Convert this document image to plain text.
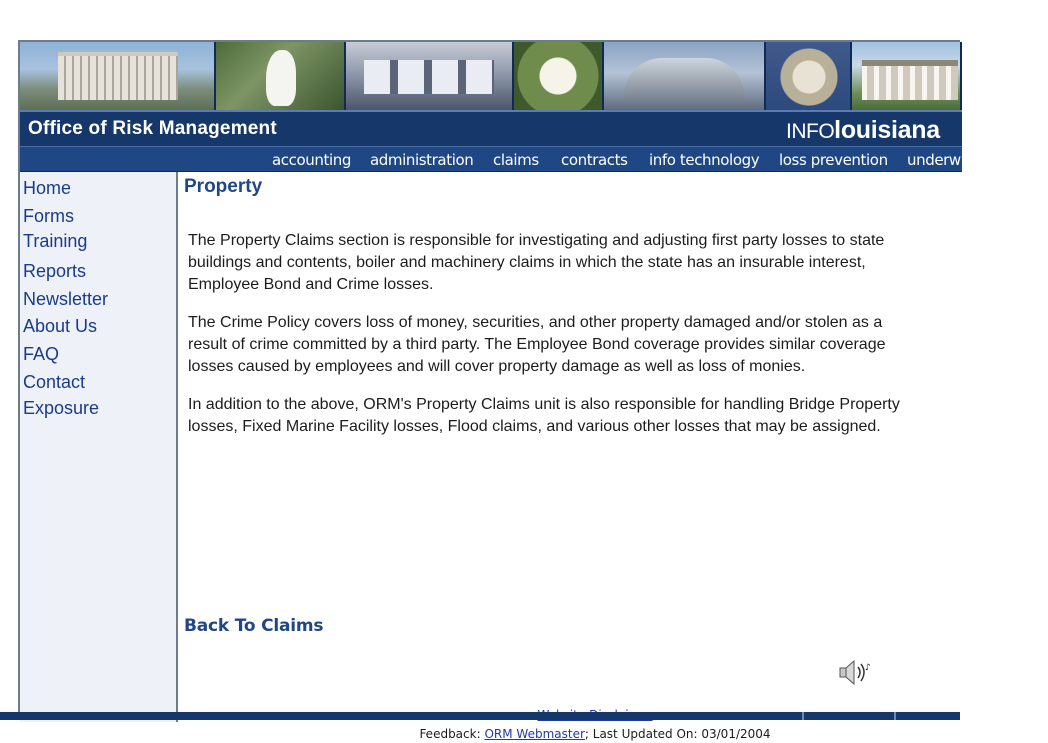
Office of Risk Management	INFOlouisiana
accounting administration claims contracts info technology loss prevention underwriting
Home
Forms
Training
Reports
Newsletter
About Us
FAQ
Contact
Exposure
Property
The Property Claims section is responsible for investigating and adjusting first party losses to state
buildings and contents, boiler and machinery claims in which the state has an insurable interest,
Employee Bond and Crime losses.
The Crime Policy covers loss of money, securities, and other property damaged and/or stolen as a
result of crime committed by a third party. The Employee Bond coverage provides similar coverage
losses caused by employees and will cover property damage as well as loss of monies.
In addition to the above, ORM's Property Claims unit is also responsible for handling Bridge Property
losses, Fixed Marine Facility losses, Flood claims, and various other losses that may be assigned.
Back To Claims
♪
Feedback: ORM Webmaster; Last Updated On: 03/01/2004
